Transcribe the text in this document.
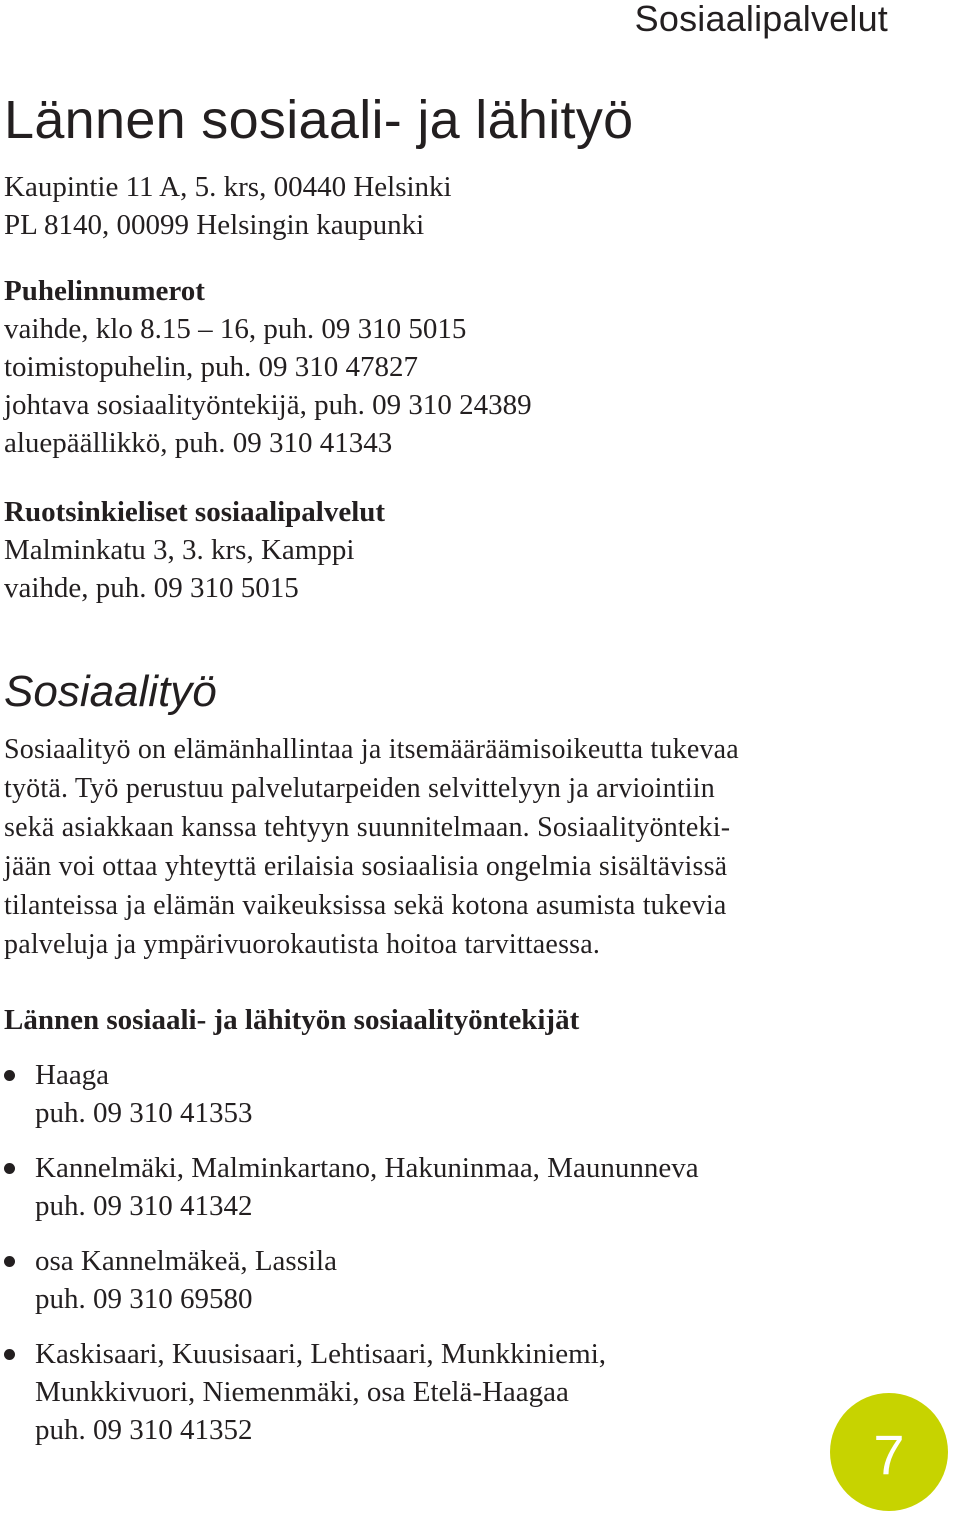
Sosiaalipalvelut
Lännen sosiaali- ja lähityö
Kaupintie 11 A, 5. krs, 00440 Helsinki
PL 8140, 00099 Helsingin kaupunki
Puhelinnumerot
vaihde, klo 8.15 – 16, puh. 09 310 5015
toimistopuhelin, puh. 09 310 47827
johtava sosiaalityöntekijä, puh. 09 310 24389
aluepäällikkö, puh. 09 310 41343
Ruotsinkieliset sosiaalipalvelut
Malminkatu 3, 3. krs, Kamppi
vaihde, puh. 09 310 5015
Sosiaalityö
Sosiaalityö on elämänhallintaa ja itsemääräämisoikeutta tukevaa
työtä. Työ perustuu palvelutarpeiden selvittelyyn ja arviointiin
sekä asiakkaan kanssa tehtyyn suunnitelmaan. Sosiaalityönteki-
jään voi ottaa yhteyttä erilaisia sosiaalisia ongelmia sisältävissä
tilanteissa ja elämän vaikeuksissa sekä kotona asumista tukevia
palveluja ja ympärivuorokautista hoitoa tarvittaessa.
Lännen sosiaali- ja lähityön sosiaalityöntekijät
Haaga
puh. 09 310 41353
Kannelmäki, Malminkartano, Hakuninmaa, Maununneva
puh. 09 310 41342
osa Kannelmäkeä, Lassila
puh. 09 310 69580
Kaskisaari, Kuusisaari, Lehtisaari, Munkkiniemi,
Munkkivuori, Niemenmäki, osa Etelä-Haagaa
puh. 09 310 41352	7
